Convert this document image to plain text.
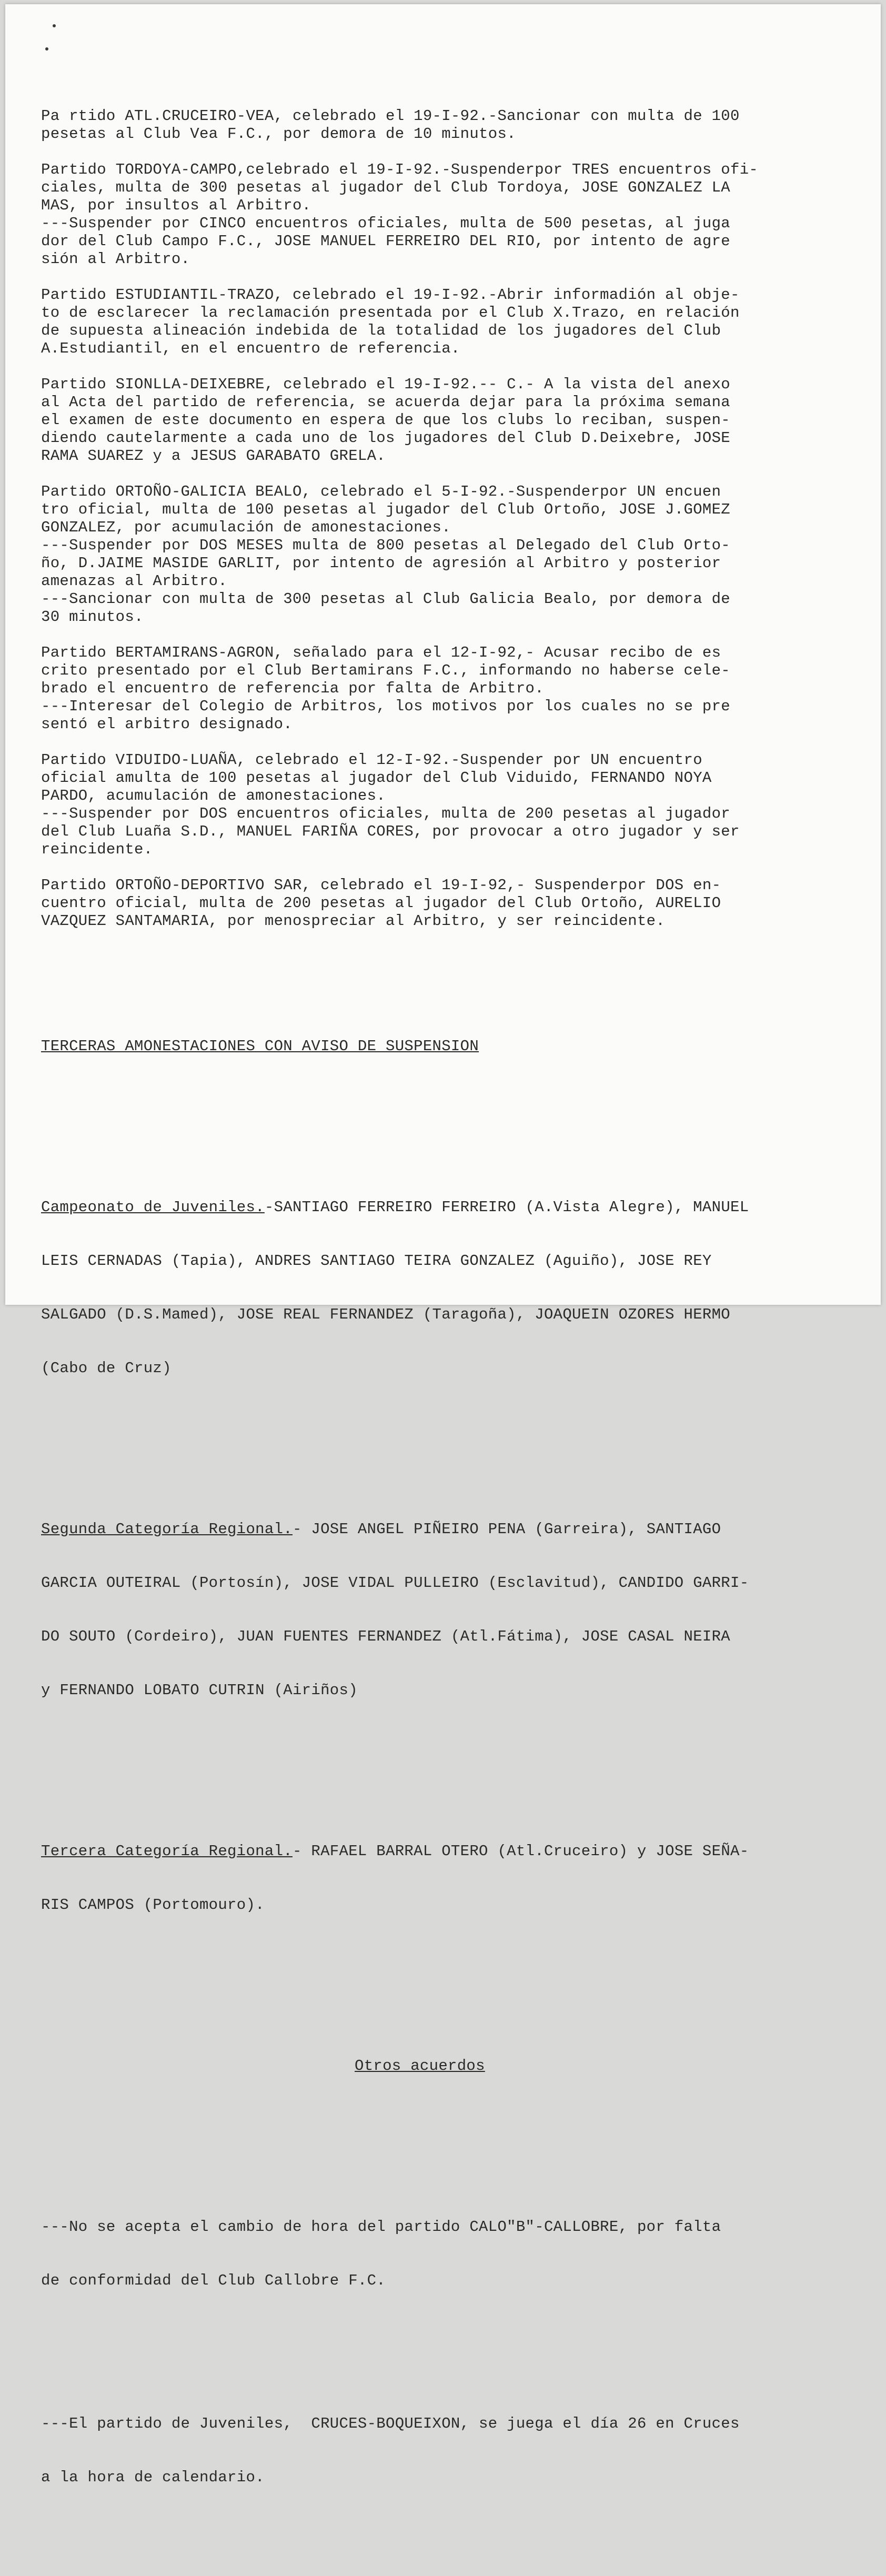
Pa rtido ATL.CRUCEIRO-VEA, celebrado el 19-I-92.-Sancionar con multa de 100
pesetas al Club Vea F.C., por demora de 10 minutos.
Partido TORDOYA-CAMPO,celebrado el 19-I-92.-Suspenderpor TRES encuentros ofi-
ciales, multa de 300 pesetas al jugador del Club Tordoya, JOSE GONZALEZ LA
MAS, por insultos al Arbitro.
---Suspender por CINCO encuentros oficiales, multa de 500 pesetas, al juga
dor del Club Campo F.C., JOSE MANUEL FERREIRO DEL RIO, por intento de agre
sión al Arbitro.
Partido ESTUDIANTIL-TRAZO, celebrado el 19-I-92.-Abrir informadión al obje-
to de esclarecer la reclamación presentada por el Club X.Trazo, en relación
de supuesta alineación indebida de la totalidad de los jugadores del Club
A.Estudiantil, en el encuentro de referencia.
Partido SIONLLA-DEIXEBRE, celebrado el 19-I-92.-- C.- A la vista del anexo
al Acta del partido de referencia, se acuerda dejar para la próxima semana
el examen de este documento en espera de que los clubs lo reciban, suspen-
diendo cautelarmente a cada uno de los jugadores del Club D.Deixebre, JOSE
RAMA SUAREZ y a JESUS GARABATO GRELA.
Partido ORTOÑO-GALICIA BEALO, celebrado el 5-I-92.-Suspenderpor UN encuen
tro oficial, multa de 100 pesetas al jugador del Club Ortoño, JOSE J.GOMEZ
GONZALEZ, por acumulación de amonestaciones.
---Suspender por DOS MESES multa de 800 pesetas al Delegado del Club Orto-
ño, D.JAIME MASIDE GARLIT, por intento de agresión al Arbitro y posterior
amenazas al Arbitro.
---Sancionar con multa de 300 pesetas al Club Galicia Bealo, por demora de
30 minutos.
Partido BERTAMIRANS-AGRON, señalado para el 12-I-92,- Acusar recibo de es
crito presentado por el Club Bertamirans F.C., informando no haberse cele-
brado el encuentro de referencia por falta de Arbitro.
---Interesar del Colegio de Arbitros, los motivos por los cuales no se pre
sentó el arbitro designado.
Partido VIDUIDO-LUAÑA, celebrado el 12-I-92.-Suspender por UN encuentro
oficial amulta de 100 pesetas al jugador del Club Viduido, FERNANDO NOYA
PARDO, acumulación de amonestaciones.
---Suspender por DOS encuentros oficiales, multa de 200 pesetas al jugador
del Club Luaña S.D., MANUEL FARIÑA CORES, por provocar a otro jugador y ser
reincidente.
Partido ORTOÑO-DEPORTIVO SAR, celebrado el 19-I-92,- Suspenderpor DOS en-
cuentro oficial, multa de 200 pesetas al jugador del Club Ortoño, AURELIO
VAZQUEZ SANTAMARIA, por menospreciar al Arbitro, y ser reincidente.

TERCERAS AMONESTACIONES CON AVISO DE SUSPENSION

Campeonato de Juveniles.-SANTIAGO FERREIRO FERREIRO (A.Vista Alegre), MANUEL

LEIS CERNADAS (Tapia), ANDRES SANTIAGO TEIRA GONZALEZ (Aguiño), JOSE REY

SALGADO (D.S.Mamed), JOSE REAL FERNANDEZ (Taragoña), JOAQUEIN OZORES HERMO

(Cabo de Cruz)

Segunda Categoría Regional.- JOSE ANGEL PIÑEIRO PENA (Garreira), SANTIAGO

GARCIA OUTEIRAL (Portosín), JOSE VIDAL PULLEIRO (Esclavitud), CANDIDO GARRI-

DO SOUTO (Cordeiro), JUAN FUENTES FERNANDEZ (Atl.Fátima), JOSE CASAL NEIRA

y FERNANDO LOBATO CUTRIN (Airiños)

Tercera Categoría Regional.- RAFAEL BARRAL OTERO (Atl.Cruceiro) y JOSE SEÑA-

RIS CAMPOS (Portomouro).

Otros acuerdos

---No se acepta el cambio de hora del partido CALO"B"-CALLOBRE, por falta

de conformidad del Club Callobre F.C.

---El partido de Juveniles,  CRUCES-BOQUEIXON, se juega el día 26 en Cruces

a la hora de calendario.
